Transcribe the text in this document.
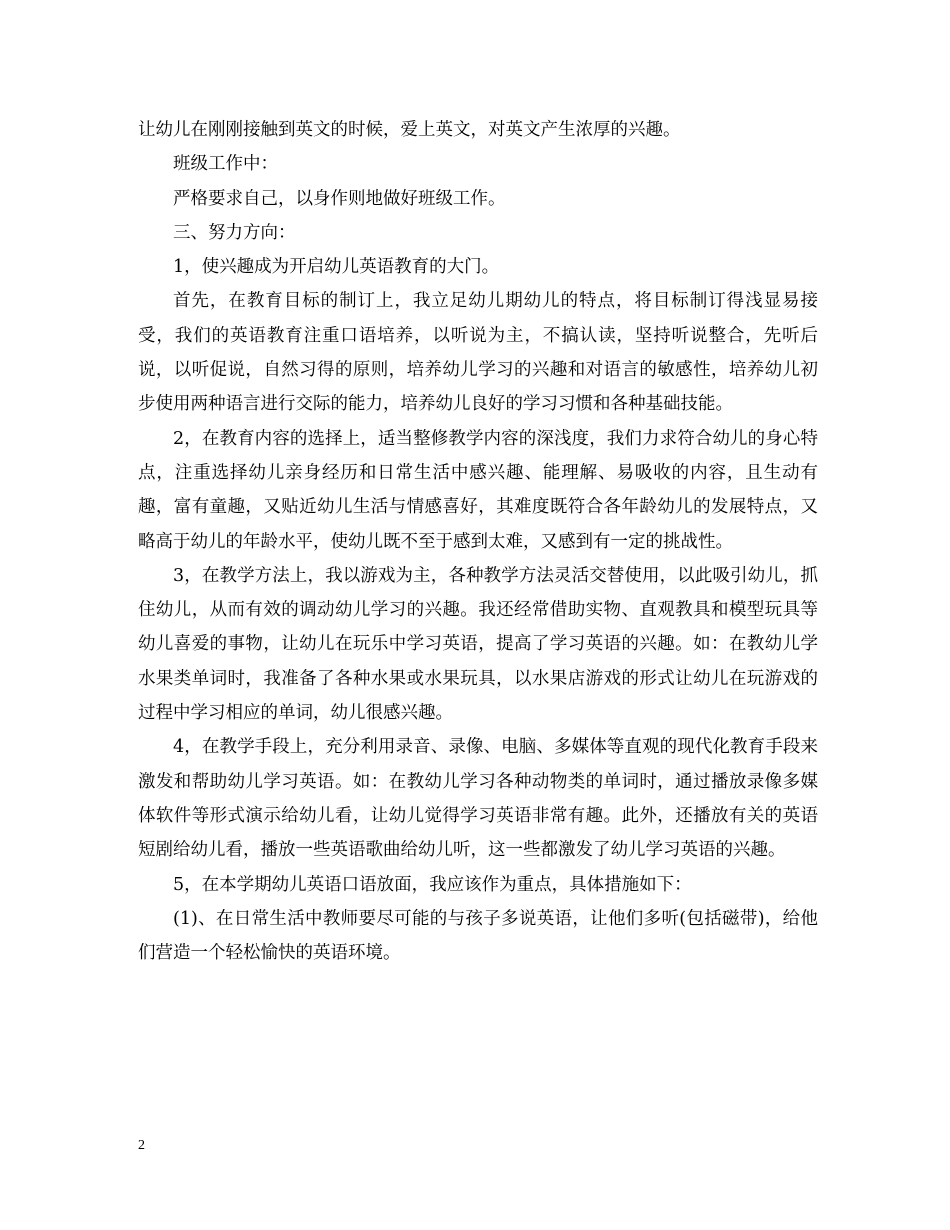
让幼儿在刚刚接触到英文的时候，爱上英文，对英文产生浓厚的兴趣。

班级工作中：

严格要求自己，以身作则地做好班级工作。

三、努力方向：

1，使兴趣成为开启幼儿英语教育的大门。

首先，在教育目标的制订上，我立足幼儿期幼儿的特点，将目标制订得浅显易接受，我们的英语教育注重口语培养，以听说为主，不搞认读，坚持听说整合，先听后说，以听促说，自然习得的原则，培养幼儿学习的兴趣和对语言的敏感性，培养幼儿初步使用两种语言进行交际的能力，培养幼儿良好的学习习惯和各种基础技能。

2，在教育内容的选择上，适当整修教学内容的深浅度，我们力求符合幼儿的身心特点，注重选择幼儿亲身经历和日常生活中感兴趣、能理解、易吸收的内容，且生动有趣，富有童趣，又贴近幼儿生活与情感喜好，其难度既符合各年龄幼儿的发展特点，又略高于幼儿的年龄水平，使幼儿既不至于感到太难，又感到有一定的挑战性。

3，在教学方法上，我以游戏为主，各种教学方法灵活交替使用，以此吸引幼儿，抓住幼儿，从而有效的调动幼儿学习的兴趣。我还经常借助实物、直观教具和模型玩具等幼儿喜爱的事物，让幼儿在玩乐中学习英语，提高了学习英语的兴趣。如：在教幼儿学水果类单词时，我准备了各种水果或水果玩具，以水果店游戏的形式让幼儿在玩游戏的过程中学习相应的单词，幼儿很感兴趣。

4，在教学手段上，充分利用录音、录像、电脑、多媒体等直观的现代化教育手段来激发和帮助幼儿学习英语。如：在教幼儿学习各种动物类的单词时，通过播放录像多媒体软件等形式演示给幼儿看，让幼儿觉得学习英语非常有趣。此外，还播放有关的英语短剧给幼儿看，播放一些英语歌曲给幼儿听，这一些都激发了幼儿学习英语的兴趣。

5，在本学期幼儿英语口语放面，我应该作为重点，具体措施如下：

(1)、在日常生活中教师要尽可能的与孩子多说英语，让他们多听(包括磁带)，给他们营造一个轻松愉快的英语环境。

2
